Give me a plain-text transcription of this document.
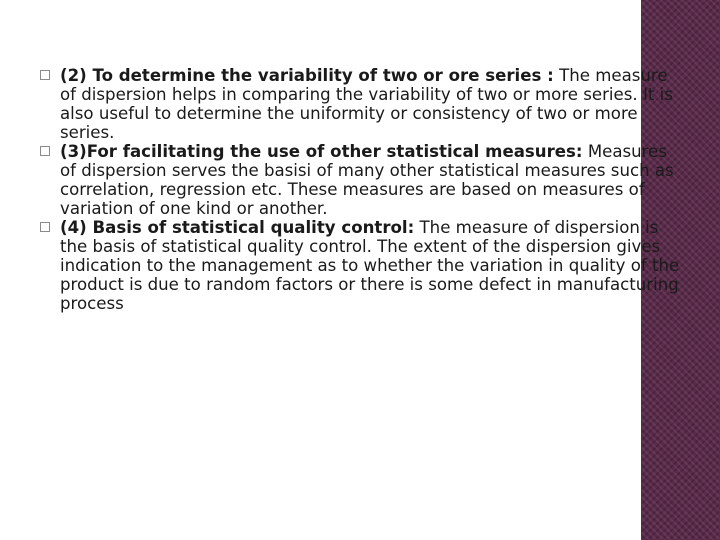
(2) To determine the variability of two or ore series : The measure of dispersion helps in comparing the variability of two or more series. It is also useful to determine the uniformity or consistency of two or more series.
(3)For facilitating the use of other statistical measures: Measures of dispersion serves the basisi of many other statistical measures such as correlation, regression etc. These measures are based on measures of variation of one kind or another.
(4) Basis of statistical quality control: The measure of dispersion is the basis of statistical quality control. The extent of the dispersion gives indication to the management as to whether the variation in quality of the product is due to random factors or there is some defect in manufacturing process
